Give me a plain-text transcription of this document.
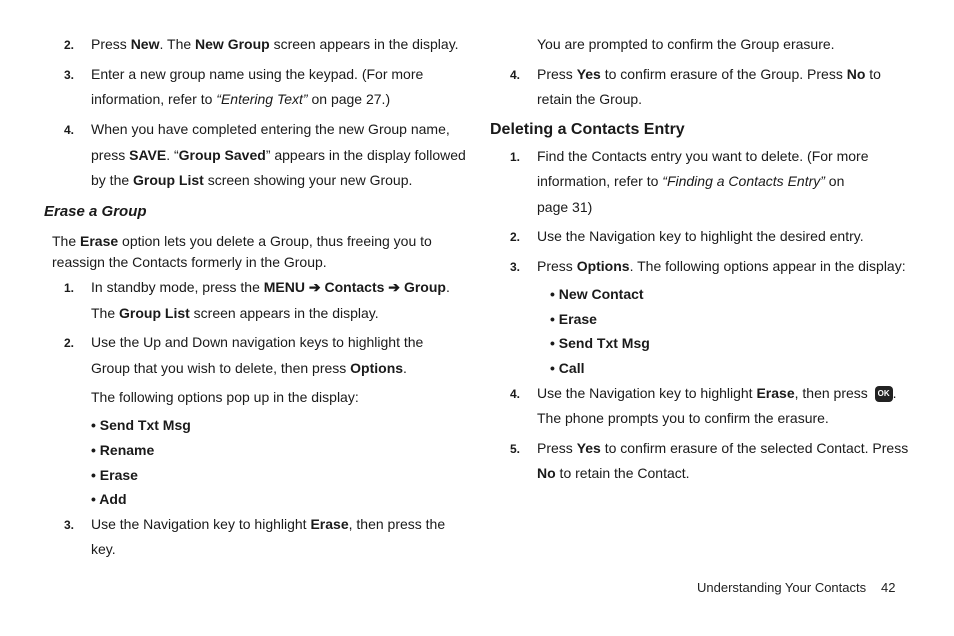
2. Press New. The New Group screen appears in the display.
3. Enter a new group name using the keypad. (For more
information, refer to “Entering Text” on page 27.)
4. When you have completed entering the new Group name,
press SAVE. “Group Saved” appears in the display followed
by the Group List screen showing your new Group.
Erase a Group
The Erase option lets you delete a Group, thus freeing you to
reassign the Contacts formerly in the Group.
1. In standby mode, press the MENU ➔ Contacts ➔ Group.
The Group List screen appears in the display.
2. Use the Up and Down navigation keys to highlight the
Group that you wish to delete, then press Options.
The following options pop up in the display:
• Send Txt Msg
• Rename
• Erase
• Add
3. Use the Navigation key to highlight Erase, then press the
key.
You are prompted to confirm the Group erasure.
4. Press Yes to confirm erasure of the Group. Press No to
retain the Group.
Deleting a Contacts Entry
1. Find the Contacts entry you want to delete. (For more
information, refer to “Finding a Contacts Entry” on
page 31)
2. Use the Navigation key to highlight the desired entry.
3. Press Options. The following options appear in the display:
• New Contact
• Erase
• Send Txt Msg
• Call
4. Use the Navigation key to highlight Erase, then press OK .
The phone prompts you to confirm the erasure.
5. Press Yes to confirm erasure of the selected Contact. Press
No to retain the Contact.
Understanding Your Contacts 42
